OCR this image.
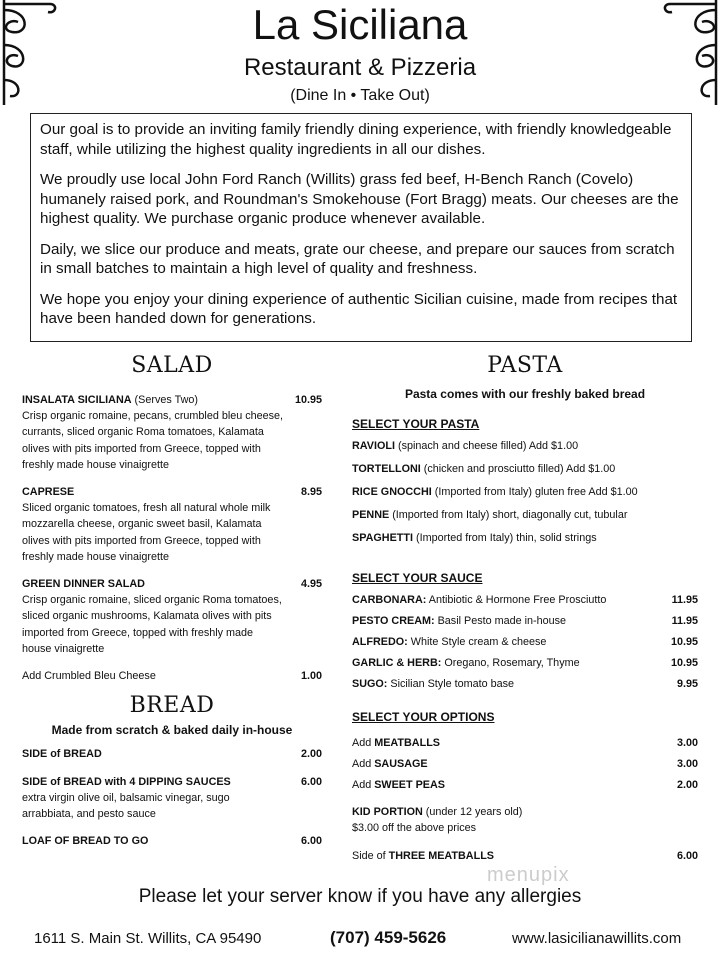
La Siciliana
Restaurant & Pizzeria
(Dine In • Take Out)

Our goal is to provide an inviting family friendly dining experience, with friendly knowledgeable staff, while utilizing the highest quality ingredients in all our dishes.

We proudly use local John Ford Ranch (Willits) grass fed beef, H-Bench Ranch (Covelo) humanely raised pork, and Roundman's Smokehouse (Fort Bragg) meats. Our cheeses are the highest quality. We purchase organic produce whenever available.

Daily, we slice our produce and meats, grate our cheese, and prepare our sauces from scratch in small batches to maintain a high level of quality and freshness.

We hope you enjoy your dining experience of authentic Sicilian cuisine, made from recipes that have been handed down for generations.

SALAD
INSALATA SICILIANA (Serves Two)	10.95
Crisp organic romaine, pecans, crumbled bleu cheese, currants, sliced organic Roma tomatoes, Kalamata olives with pits imported from Greece, topped with freshly made house vinaigrette
CAPRESE	8.95
Sliced organic tomatoes, fresh all natural whole milk mozzarella cheese, organic sweet basil, Kalamata olives with pits imported from Greece, topped with freshly made house vinaigrette
GREEN DINNER SALAD	4.95
Crisp organic romaine, sliced organic Roma tomatoes, sliced organic mushrooms, Kalamata olives with pits imported from Greece, topped with freshly made house vinaigrette
Add Crumbled Bleu Cheese	1.00
BREAD
Made from scratch & baked daily in-house
SIDE of BREAD	2.00
SIDE of BREAD with 4 DIPPING SAUCES	6.00
extra virgin olive oil, balsamic vinegar, sugo arrabbiata, and pesto sauce
LOAF OF BREAD TO GO	6.00
PASTA
Pasta comes with our freshly baked bread
SELECT YOUR PASTA
RAVIOLI (spinach and cheese filled) Add $1.00
TORTELLONI (chicken and prosciutto filled) Add $1.00
RICE GNOCCHI (Imported from Italy) gluten free Add $1.00
PENNE (Imported from Italy) short, diagonally cut, tubular
SPAGHETTI (Imported from Italy) thin, solid strings
SELECT YOUR SAUCE
CARBONARA: Antibiotic & Hormone Free Prosciutto	11.95
PESTO CREAM: Basil Pesto made in-house	11.95
ALFREDO: White Style cream & cheese	10.95
GARLIC & HERB: Oregano, Rosemary, Thyme	10.95
SUGO: Sicilian Style tomato base	9.95
SELECT YOUR OPTIONS
Add MEATBALLS	3.00
Add SAUSAGE	3.00
Add SWEET PEAS	2.00
KID PORTION (under 12 years old)
$3.00 off the above prices
Side of THREE MEATBALLS	6.00
menupix
Please let your server know if you have any allergies
1611 S. Main St. Willits, CA 95490	(707) 459-5626	www.lasicilianawillits.com
